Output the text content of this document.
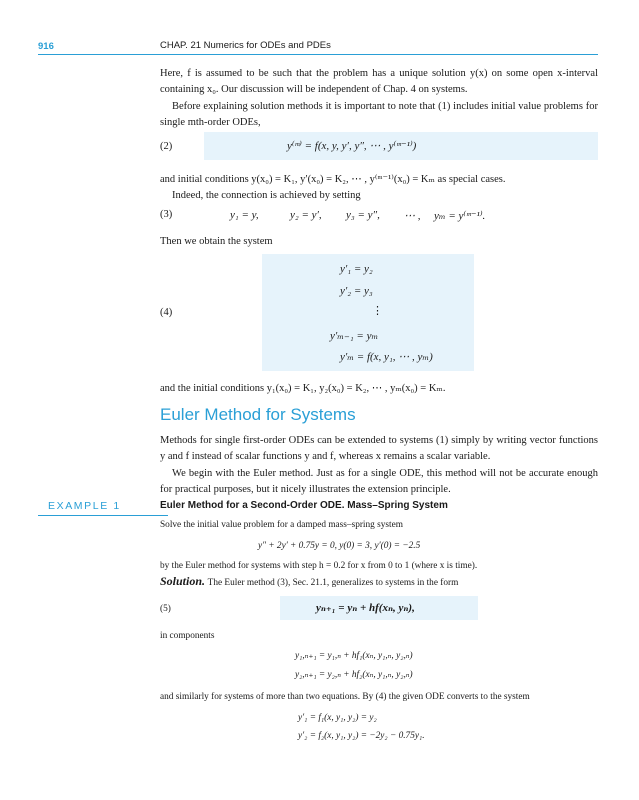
916	CHAP. 21 Numerics for ODEs and PDEs
Here, f is assumed to be such that the problem has a unique solution y(x) on some open x-interval containing x₀. Our discussion will be independent of Chap. 4 on systems.
Before explaining solution methods it is important to note that (1) includes initial value problems for single mth-order ODEs,
(2)	y⁽ᵐ⁾ = f(x, y, y′, y″, ⋯ , y⁽ᵐ⁻¹⁾)
and initial conditions y(x₀) = K₁, y′(x₀) = K₂, ⋯ , y⁽ᵐ⁻¹⁾(x₀) = Kₘ as special cases.
Indeed, the connection is achieved by setting
(3)	y₁ = y,	y₂ = y′, y₃ = y″, ⋯ , yₘ = y⁽ᵐ⁻¹⁾.
Then we obtain the system
(4)
y′₁ = y₂
y′₂ = y₃
⋮
y′ₘ₋₁ = yₘ
y′ₘ = f(x, y₁, ⋯ , yₘ)
and the initial conditions y₁(x₀) = K₁, y₂(x₀) = K₂, ⋯ , yₘ(x₀) = Kₘ.
Euler Method for Systems
Methods for single first-order ODEs can be extended to systems (1) simply by writing vector functions y and f instead of scalar functions y and f, whereas x remains a scalar variable.
We begin with the Euler method. Just as for a single ODE, this method will not be accurate enough for practical purposes, but it nicely illustrates the extension principle.
EXAMPLE 1	Euler Method for a Second-Order ODE. Mass–Spring System
Solve the initial value problem for a damped mass–spring system
y″ + 2y′ + 0.75y = 0, y(0) = 3, y′(0) = −2.5
by the Euler method for systems with step h = 0.2 for x from 0 to 1 (where x is time).
Solution. The Euler method (3), Sec. 21.1, generalizes to systems in the form
(5)	yₙ₊₁ = yₙ + hf(xₙ, yₙ),
in components
y₁,ₙ₊₁ = y₁,ₙ + hf₁(xₙ, y₁,ₙ, y₂,ₙ)
y₂,ₙ₊₁ = y₂,ₙ + hf₂(xₙ, y₁,ₙ, y₂,ₙ)
and similarly for systems of more than two equations. By (4) the given ODE converts to the system
y′₁ = f₁(x, y₁, y₂) = y₂
y′₂ = f₂(x, y₁, y₂) = −2y₂ − 0.75y₁.
